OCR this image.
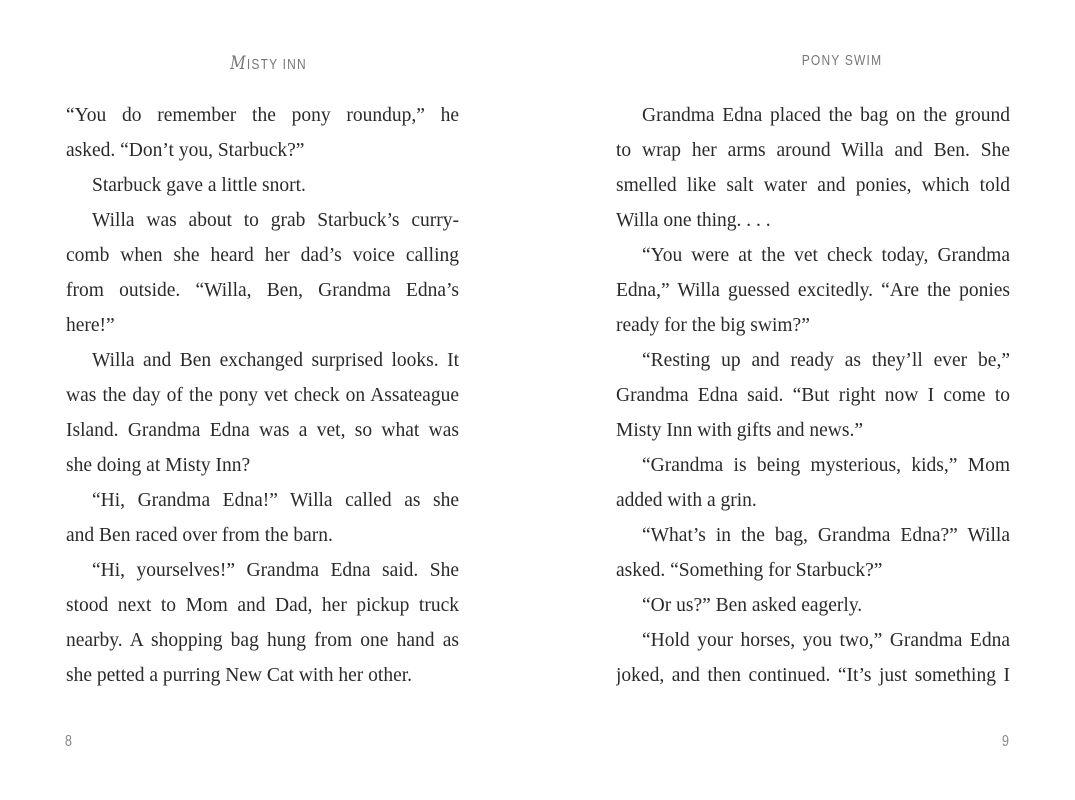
MISTY INN
“You do remember the pony roundup,” he
asked. “Don’t you, Starbuck?”
Starbuck gave a little snort.
Willa was about to grab Starbuck’s curry-
comb when she heard her dad’s voice calling
from outside. “Willa, Ben, Grandma Edna’s
here!”
Willa and Ben exchanged surprised looks. It
was the day of the pony vet check on Assateague
Island. Grandma Edna was a vet, so what was
she doing at Misty Inn?
“Hi, Grandma Edna!” Willa called as she
and Ben raced over from the barn.
“Hi, yourselves!” Grandma Edna said. She
stood next to Mom and Dad, her pickup truck
nearby. A shopping bag hung from one hand as
she petted a purring New Cat with her other.
8
PONY SWIM
Grandma Edna placed the bag on the ground
to wrap her arms around Willa and Ben. She
smelled like salt water and ponies, which told
Willa one thing. . . .
“You were at the vet check today, Grandma
Edna,” Willa guessed excitedly. “Are the ponies
ready for the big swim?”
“Resting up and ready as they’ll ever be,”
Grandma Edna said. “But right now I come to
Misty Inn with gifts and news.”
“Grandma is being mysterious, kids,” Mom
added with a grin.
“What’s in the bag, Grandma Edna?” Willa
asked. “Something for Starbuck?”
“Or us?” Ben asked eagerly.
“Hold your horses, you two,” Grandma Edna
joked, and then continued. “It’s just something I
9
